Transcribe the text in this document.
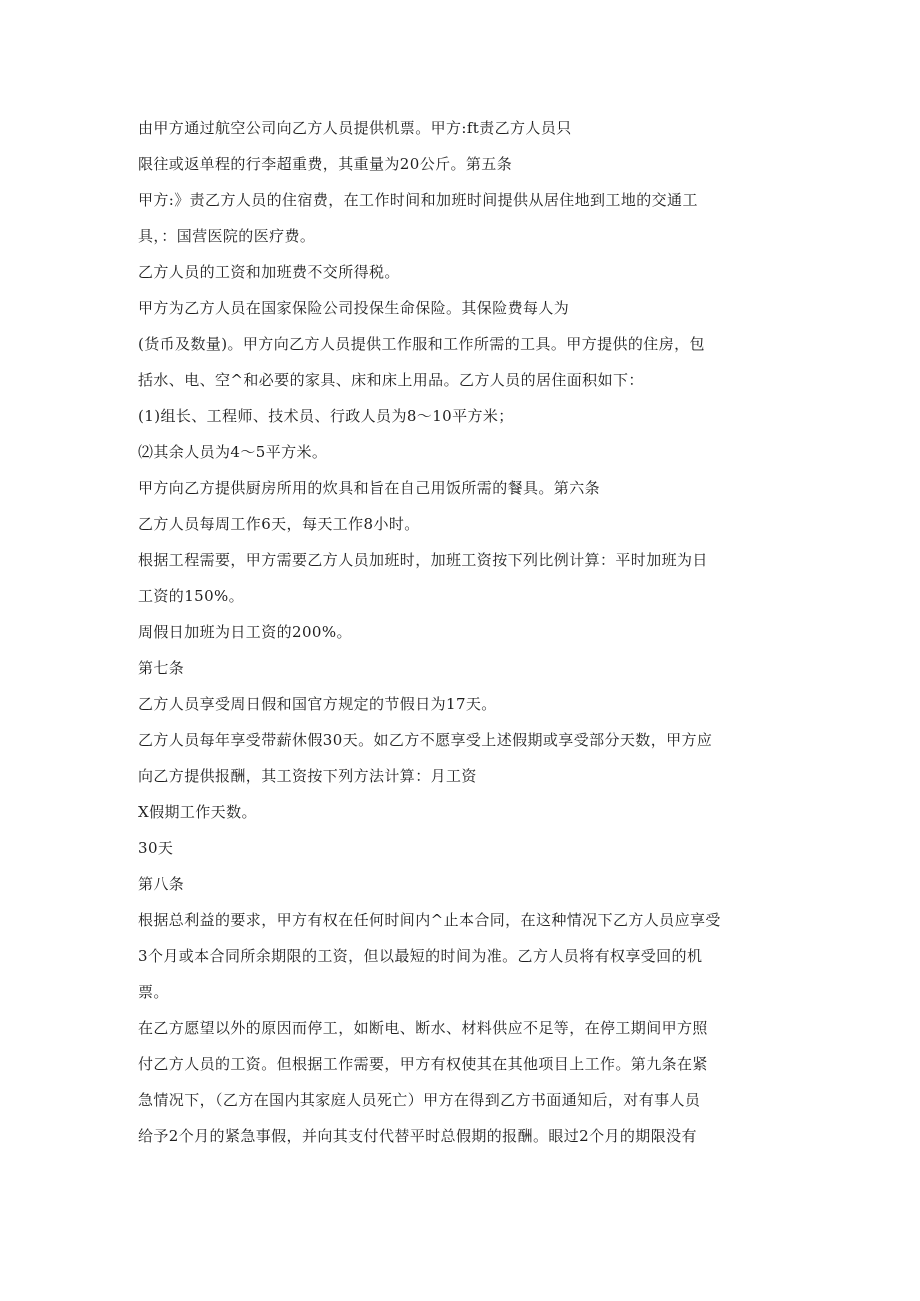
由甲方通过航空公司向乙方人员提供机票。甲方:ft责乙方人员只
限往或返单程的行李超重费，其重量为20公斤。第五条
甲方:》责乙方人员的住宿费，在工作时间和加班时间提供从居住地到工地的交通工
具，：国营医院的医疗费。
乙方人员的工资和加班费不交所得税。
甲方为乙方人员在国家保险公司投保生命保险。其保险费每人为
(货币及数量)。甲方向乙方人员提供工作服和工作所需的工具。甲方提供的住房，包
括水、电、空^和必要的家具、床和床上用品。乙方人员的居住面积如下：
(1)组长、工程师、技术员、行政人员为8～10平方米；
⑵其余人员为4～5平方米。
甲方向乙方提供厨房所用的炊具和旨在自己用饭所需的餐具。第六条
乙方人员每周工作6天，每天工作8小时。
根据工程需要，甲方需要乙方人员加班时，加班工资按下列比例计算：平时加班为日
工资的150%。
周假日加班为日工资的200%。
第七条
乙方人员享受周日假和国官方规定的节假日为17天。
乙方人员每年享受带薪休假30天。如乙方不愿享受上述假期或享受部分天数，甲方应
向乙方提供报酬，其工资按下列方法计算：月工资
X假期工作天数。
30天
第八条
根据总利益的要求，甲方有权在任何时间内^止本合同，在这种情况下乙方人员应享受
3个月或本合同所余期限的工资，但以最短的时间为准。乙方人员将有权享受回的机
票。
在乙方愿望以外的原因而停工，如断电、断水、材料供应不足等，在停工期间甲方照
付乙方人员的工资。但根据工作需要，甲方有权使其在其他项目上工作。第九条在紧
急情况下，（乙方在国内其家庭人员死亡）甲方在得到乙方书面通知后，对有事人员
给予2个月的紧急事假，并向其支付代替平时总假期的报酬。眼过2个月的期限没有
